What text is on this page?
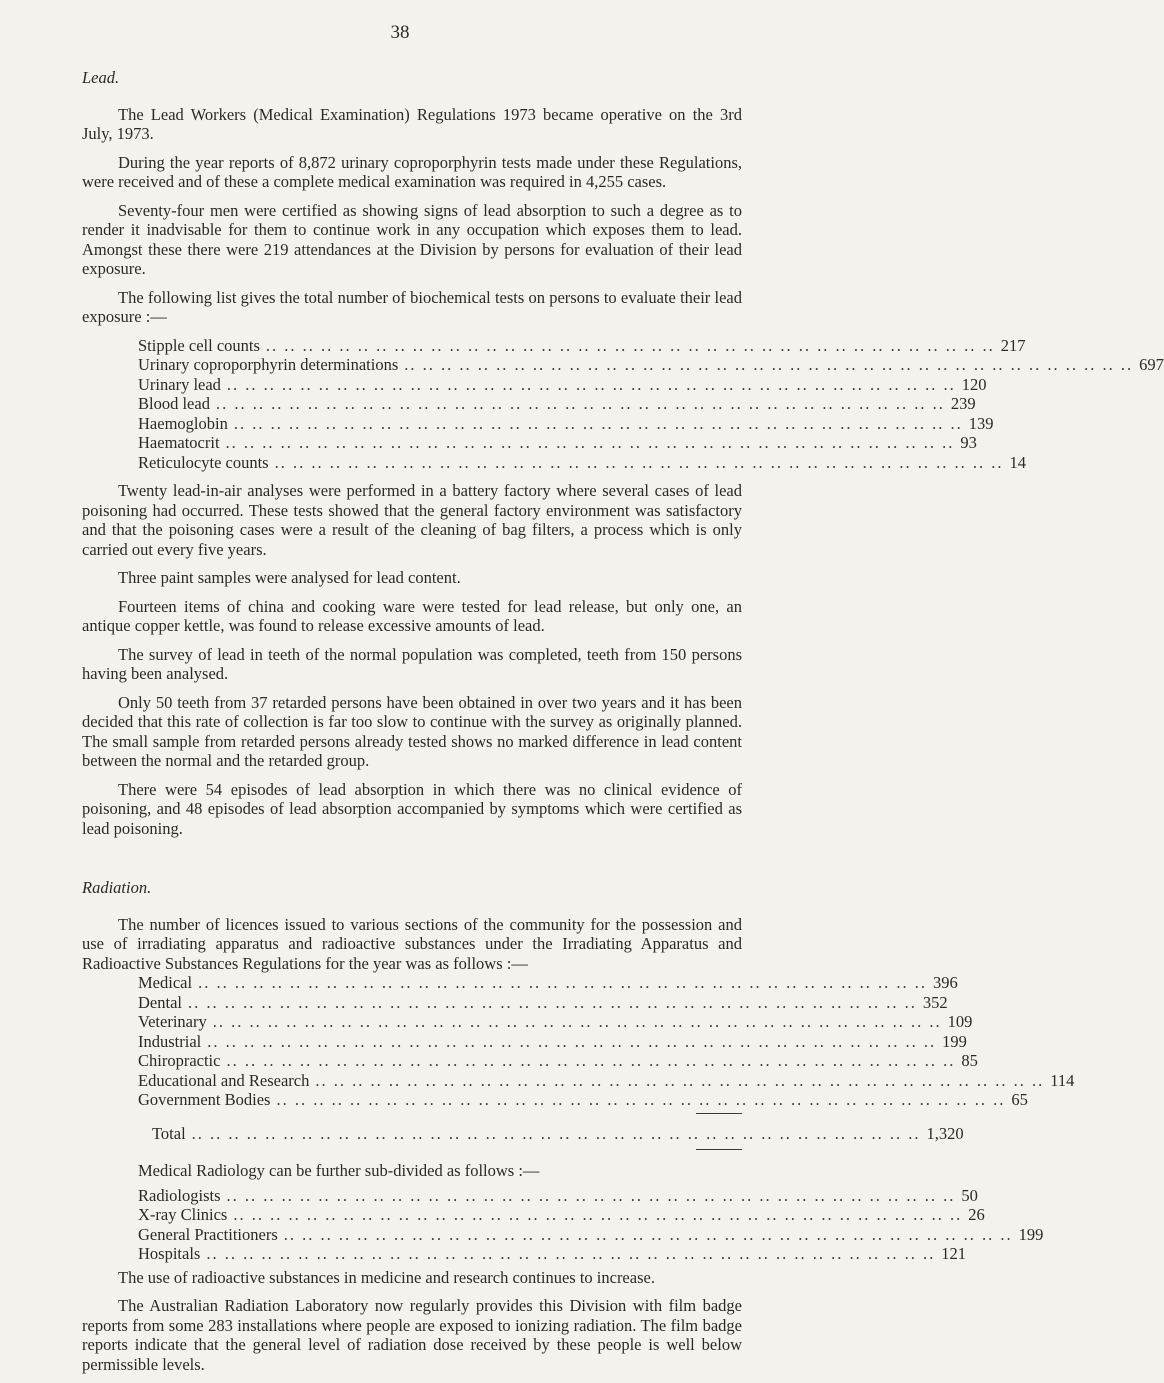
38
Lead.

The Lead Workers (Medical Examination) Regulations 1973 became operative on the 3rd July, 1973.

During the year reports of 8,872 urinary coproporphyrin tests made under these Regulations, were received and of these a complete medical examination was required in 4,255 cases.

Seventy-four men were certified as showing signs of lead absorption to such a degree as to render it inadvisable for them to continue work in any occupation which exposes them to lead. Amongst these there were 219 attendances at the Division by persons for evaluation of their lead exposure.

The following list gives the total number of biochemical tests on persons to evaluate their lead exposure :—

Stipple cell counts .. .. .. .. .. .. .. .. .. .. .. .. .. .. .. .. .. .. .. .. .. .. .. .. .. .. .. .. .. .. .. .. .. .. .. .. .. .. .. .. 217
Urinary coproporphyrin determinations .. .. .. .. .. .. .. .. .. .. .. .. .. .. .. .. .. .. .. .. .. .. .. .. .. .. .. .. .. .. .. .. .. .. .. .. .. .. .. .. 697
Urinary lead .. .. .. .. .. .. .. .. .. .. .. .. .. .. .. .. .. .. .. .. .. .. .. .. .. .. .. .. .. .. .. .. .. .. .. .. .. .. .. .. 120
Blood lead .. .. .. .. .. .. .. .. .. .. .. .. .. .. .. .. .. .. .. .. .. .. .. .. .. .. .. .. .. .. .. .. .. .. .. .. .. .. .. .. 239
Haemoglobin .. .. .. .. .. .. .. .. .. .. .. .. .. .. .. .. .. .. .. .. .. .. .. .. .. .. .. .. .. .. .. .. .. .. .. .. .. .. .. .. 139
Haematocrit .. .. .. .. .. .. .. .. .. .. .. .. .. .. .. .. .. .. .. .. .. .. .. .. .. .. .. .. .. .. .. .. .. .. .. .. .. .. .. .. 93
Reticulocyte counts .. .. .. .. .. .. .. .. .. .. .. .. .. .. .. .. .. .. .. .. .. .. .. .. .. .. .. .. .. .. .. .. .. .. .. .. .. .. .. .. 14

Twenty lead-in-air analyses were performed in a battery factory where several cases of lead poisoning had occurred. These tests showed that the general factory environment was satisfactory and that the poisoning cases were a result of the cleaning of bag filters, a process which is only carried out every five years.

Three paint samples were analysed for lead content.

Fourteen items of china and cooking ware were tested for lead release, but only one, an antique copper kettle, was found to release excessive amounts of lead.

The survey of lead in teeth of the normal population was completed, teeth from 150 persons having been analysed.

Only 50 teeth from 37 retarded persons have been obtained in over two years and it has been decided that this rate of collection is far too slow to continue with the survey as originally planned. The small sample from retarded persons already tested shows no marked difference in lead content between the normal and the retarded group.

There were 54 episodes of lead absorption in which there was no clinical evidence of poisoning, and 48 episodes of lead absorption accompanied by symptoms which were certified as lead poisoning.

Radiation.

The number of licences issued to various sections of the community for the possession and use of irradiating apparatus and radioactive substances under the Irradiating Apparatus and Radioactive Substances Regulations for the year was as follows :—

Medical .. .. .. .. .. .. .. .. .. .. .. .. .. .. .. .. .. .. .. .. .. .. .. .. .. .. .. .. .. .. .. .. .. .. .. .. .. .. .. .. 396
Dental .. .. .. .. .. .. .. .. .. .. .. .. .. .. .. .. .. .. .. .. .. .. .. .. .. .. .. .. .. .. .. .. .. .. .. .. .. .. .. .. 352
Veterinary .. .. .. .. .. .. .. .. .. .. .. .. .. .. .. .. .. .. .. .. .. .. .. .. .. .. .. .. .. .. .. .. .. .. .. .. .. .. .. .. 109
Industrial .. .. .. .. .. .. .. .. .. .. .. .. .. .. .. .. .. .. .. .. .. .. .. .. .. .. .. .. .. .. .. .. .. .. .. .. .. .. .. .. 199
Chiropractic .. .. .. .. .. .. .. .. .. .. .. .. .. .. .. .. .. .. .. .. .. .. .. .. .. .. .. .. .. .. .. .. .. .. .. .. .. .. .. .. 85
Educational and Research .. .. .. .. .. .. .. .. .. .. .. .. .. .. .. .. .. .. .. .. .. .. .. .. .. .. .. .. .. .. .. .. .. .. .. .. .. .. .. .. 114
Government Bodies .. .. .. .. .. .. .. .. .. .. .. .. .. .. .. .. .. .. .. .. .. .. .. .. .. .. .. .. .. .. .. .. .. .. .. .. .. .. .. .. 65
Total .. .. .. .. .. .. .. .. .. .. .. .. .. .. .. .. .. .. .. .. .. .. .. .. .. .. .. .. .. .. .. .. .. .. .. .. .. .. .. .. 1,320
Medical Radiology can be further sub-divided as follows :—
Radiologists .. .. .. .. .. .. .. .. .. .. .. .. .. .. .. .. .. .. .. .. .. .. .. .. .. .. .. .. .. .. .. .. .. .. .. .. .. .. .. .. 50
X-ray Clinics .. .. .. .. .. .. .. .. .. .. .. .. .. .. .. .. .. .. .. .. .. .. .. .. .. .. .. .. .. .. .. .. .. .. .. .. .. .. .. .. 26
General Practitioners .. .. .. .. .. .. .. .. .. .. .. .. .. .. .. .. .. .. .. .. .. .. .. .. .. .. .. .. .. .. .. .. .. .. .. .. .. .. .. .. 199
Hospitals .. .. .. .. .. .. .. .. .. .. .. .. .. .. .. .. .. .. .. .. .. .. .. .. .. .. .. .. .. .. .. .. .. .. .. .. .. .. .. .. 121

The use of radioactive substances in medicine and research continues to increase.

The Australian Radiation Laboratory now regularly provides this Division with film badge reports from some 283 installations where people are exposed to ionizing radiation. The film badge reports indicate that the general level of radiation dose received by these people is well below permissible levels.
